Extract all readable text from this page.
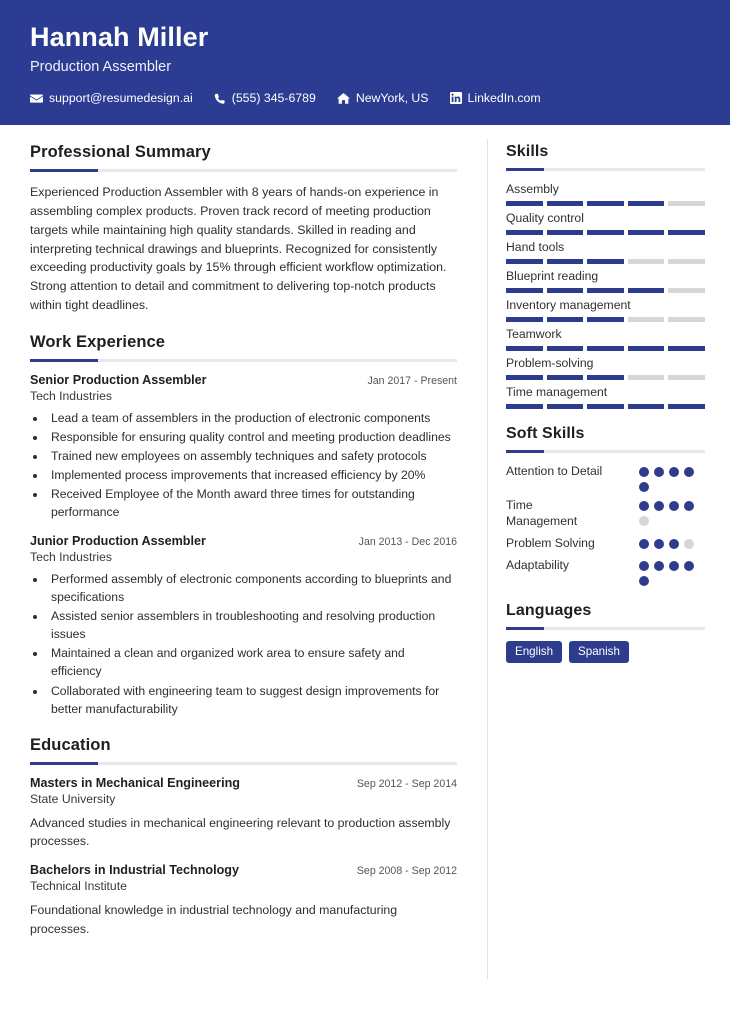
Hannah Miller
Production Assembler
support@resumedesign.ai	(555) 345-6789	NewYork, US	LinkedIn.com
Professional Summary
Experienced Production Assembler with 8 years of hands-on experience in assembling complex products. Proven track record of meeting production targets while maintaining high quality standards. Skilled in reading and interpreting technical drawings and blueprints. Recognized for consistently exceeding productivity goals by 15% through efficient workflow optimization. Strong attention to detail and commitment to delivering top-notch products within tight deadlines.
Work Experience
Senior Production Assembler	Jan 2017 - Present
Tech Industries
• Lead a team of assemblers in the production of electronic components
• Responsible for ensuring quality control and meeting production deadlines
• Trained new employees on assembly techniques and safety protocols
• Implemented process improvements that increased efficiency by 20%
• Received Employee of the Month award three times for outstanding performance
Junior Production Assembler	Jan 2013 - Dec 2016
Tech Industries
• Performed assembly of electronic components according to blueprints and specifications
• Assisted senior assemblers in troubleshooting and resolving production issues
• Maintained a clean and organized work area to ensure safety and efficiency
• Collaborated with engineering team to suggest design improvements for better manufacturability
Education
Masters in Mechanical Engineering	Sep 2012 - Sep 2014
State University
Advanced studies in mechanical engineering relevant to production assembly processes.
Bachelors in Industrial Technology	Sep 2008 - Sep 2012
Technical Institute
Foundational knowledge in industrial technology and manufacturing processes.
Skills
Assembly
Quality control
Hand tools
Blueprint reading
Inventory management
Teamwork
Problem-solving
Time management
Soft Skills
Attention to Detail
Time Management
Problem Solving
Adaptability
Languages
English	Spanish
